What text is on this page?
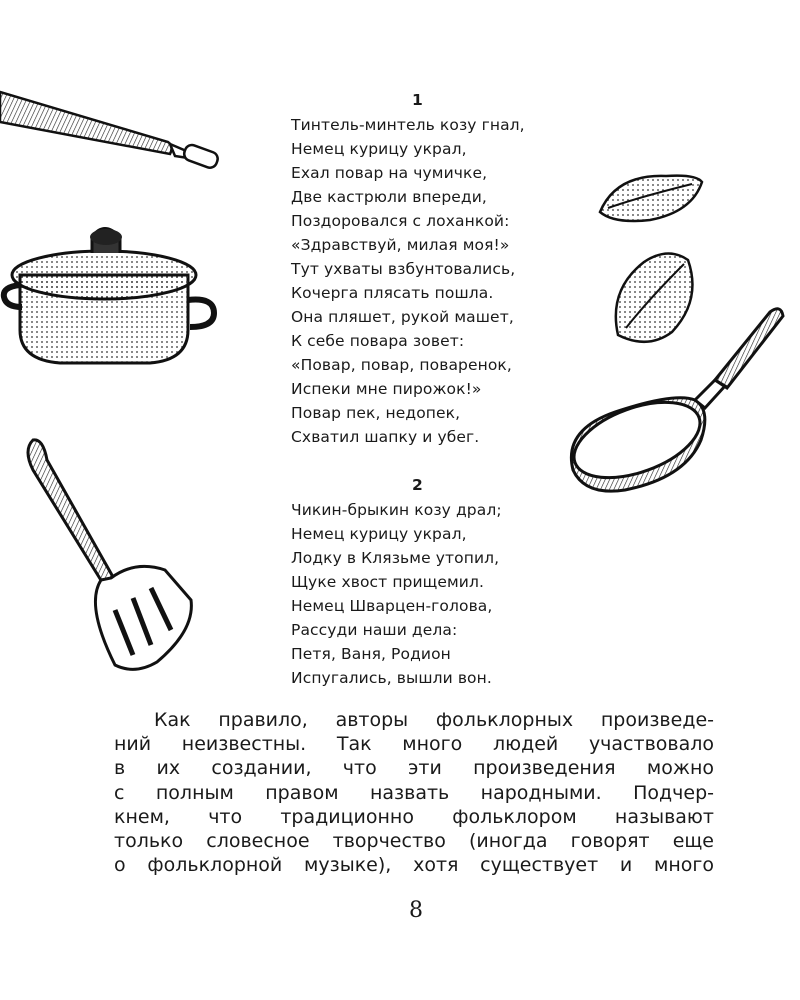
1
Тинтель-минтель козу гнал,
Немец курицу украл,
Ехал повар на чумичке,
Две кастрюли впереди,
Поздоровался с лоханкой:
«Здравствуй, милая моя!»
Тут ухваты взбунтовались,
Кочерга плясать пошла.
Она пляшет, рукой машет,
К себе повара зовет:
«Повар, повар, поваренок,
Испеки мне пирожок!»
Повар пек, недопек,
Схватил шапку и убег.
2
Чикин-брыкин козу драл;
Немец курицу украл,
Лодку в Клязьме утопил,
Щуке хвост прищемил.
Немец Шварцен-голова,
Рассуди наши дела:
Петя, Ваня, Родион
Испугались, вышли вон.
Как правило, авторы фольклорных произведе-
ний неизвестны. Так много людей участвовало
в их создании, что эти произведения можно
с полным правом назвать народными. Подчер-
кнем, что традиционно фольклором называют
только словесное творчество (иногда говорят еще
о фольклорной музыке), хотя существует и много
8
